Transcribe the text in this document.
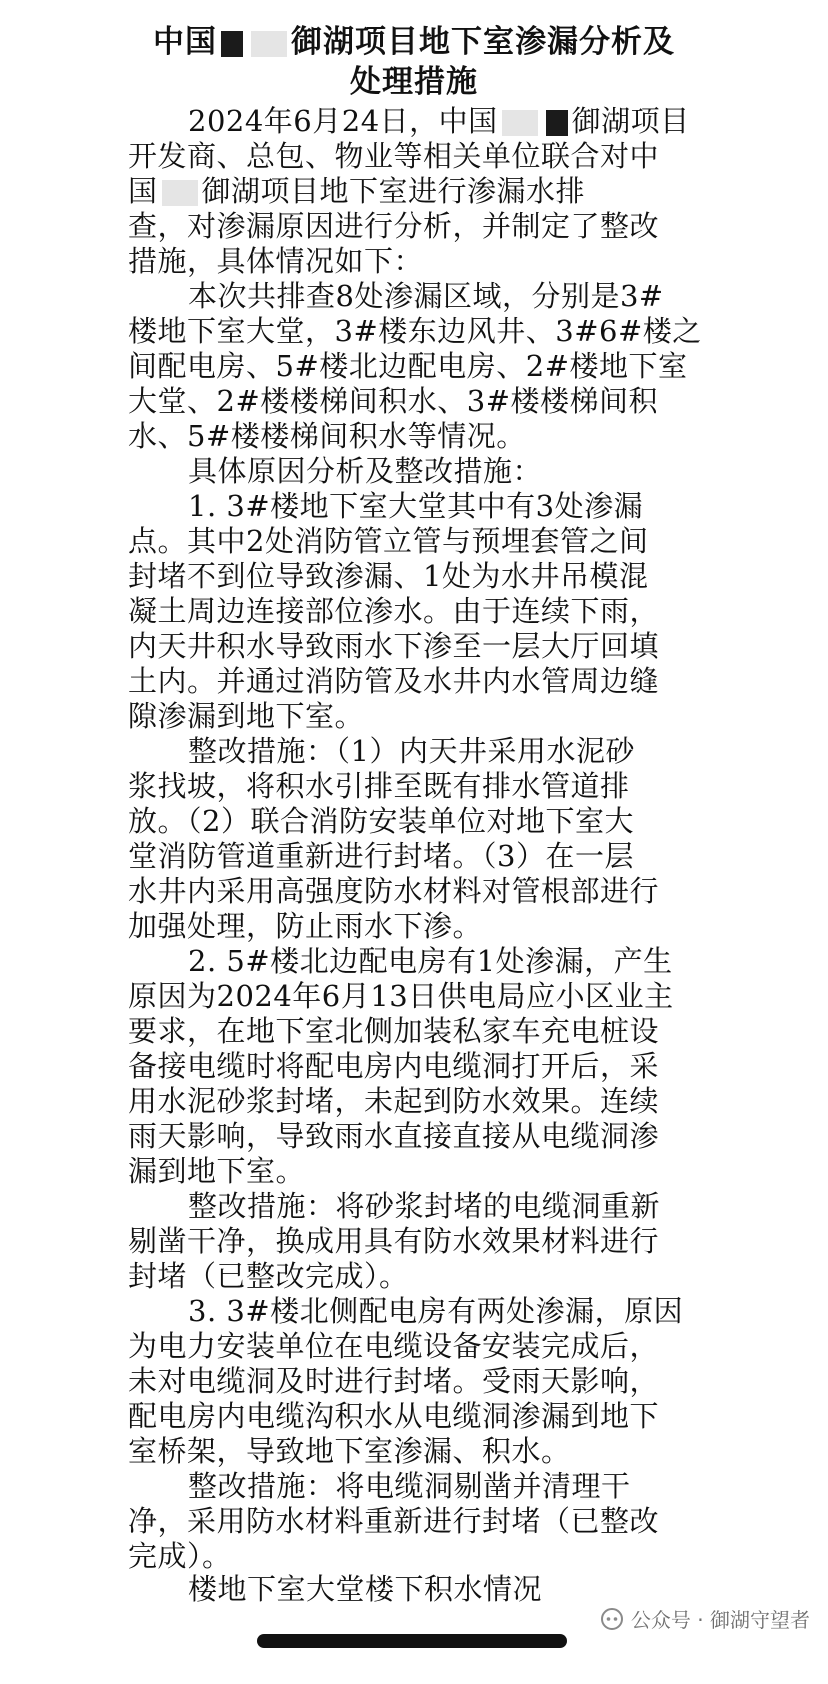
中国 御湖项目地下室渗漏分析及
处理措施
2024年6月24日，中国	御湖项目
开发商、总包、物业等相关单位联合对中
国 御湖项目地下室进行渗漏水排
查，对渗漏原因进行分析，并制定了整改
措施，具体情况如下：
本次共排查8处渗漏区域，分别是3#
楼地下室大堂，3#楼东边风井、3#6#楼之
间配电房、5#楼北边配电房、2#楼地下室
大堂、2#楼楼梯间积水、3#楼楼梯间积
水、5#楼楼梯间积水等情况。
具体原因分析及整改措施：
1. 3#楼地下室大堂其中有3处渗漏
点。其中2处消防管立管与预埋套管之间
封堵不到位导致渗漏、1处为水井吊模混
凝土周边连接部位渗水。由于连续下雨，
内天井积水导致雨水下渗至一层大厅回填
土内。并通过消防管及水井内水管周边缝
隙渗漏到地下室。
整改措施：（1）内天井采用水泥砂
浆找坡，将积水引排至既有排水管道排
放。（2）联合消防安装单位对地下室大
堂消防管道重新进行封堵。（3）在一层
水井内采用高强度防水材料对管根部进行
加强处理，防止雨水下渗。
2. 5#楼北边配电房有1处渗漏，产生
原因为2024年6月13日供电局应小区业主
要求，在地下室北侧加装私家车充电桩设
备接电缆时将配电房内电缆洞打开后，采
用水泥砂浆封堵，未起到防水效果。连续
雨天影响，导致雨水直接直接从电缆洞渗
漏到地下室。
整改措施：将砂浆封堵的电缆洞重新
剔凿干净，换成用具有防水效果材料进行
封堵（已整改完成）。
3. 3#楼北侧配电房有两处渗漏，原因
为电力安装单位在电缆设备安装完成后，
未对电缆洞及时进行封堵。受雨天影响，
配电房内电缆沟积水从电缆洞渗漏到地下
室桥架，导致地下室渗漏、积水。
整改措施：将电缆洞剔凿并清理干
净，采用防水材料重新进行封堵（已整改
完成）。
楼地下室大堂楼下积水情况
公众号 · 御湖守望者
